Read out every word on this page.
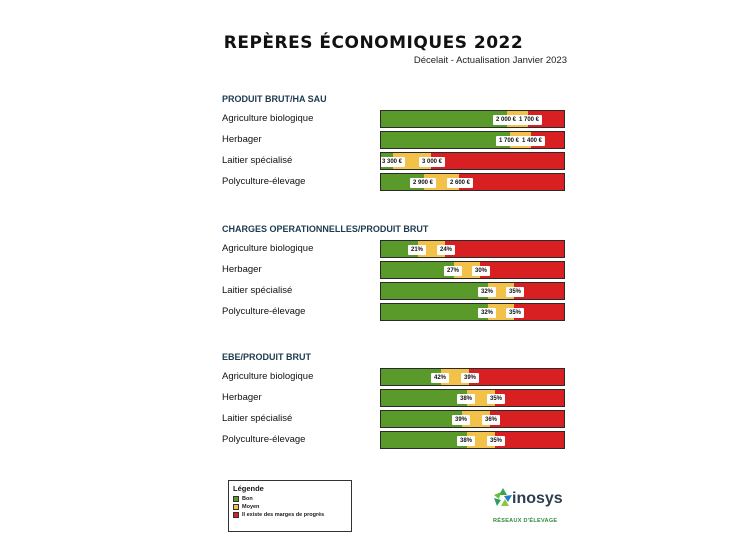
REPÈRES ÉCONOMIQUES 2022
Décelait - Actualisation Janvier 2023
PRODUIT BRUT/HA SAU
Agriculture biologique	2 000 € 1 700 €
Herbager	1 700 € 1 400 €
Laitier spécialisé	3 300 €	3 000 €
Polyculture-élevage	2 900 €	2 600 €
CHARGES OPERATIONNELLES/PRODUIT BRUT
Agriculture biologique	21%	24%
Herbager	27%	30%
Laitier spécialisé	32%	35%
Polyculture-élevage	32%	35%
EBE/PRODUIT BRUT
Agriculture biologique	42%	39%
Herbager	38%	35%
Laitier spécialisé	39%	36%
Polyculture-élevage	38%	35%
Légende
Bon
Moyen
Il existe des marges de progrès
inosys
RÉSEAUX D'ÉLEVAGE
